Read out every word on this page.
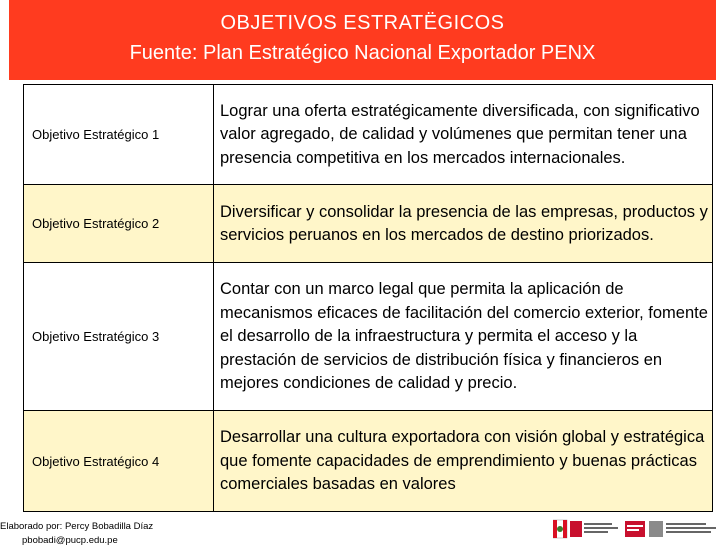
OBJETIVOS ESTRATËGICOS
Fuente: Plan Estratégico Nacional Exportador PENX
Objetivo Estratégico 1	Lograr una oferta estratégicamente diversificada, con significativo valor agregado, de calidad y volúmenes que permitan tener una presencia competitiva en los mercados internacionales.
Objetivo Estratégico 2	Diversificar y consolidar la presencia de las empresas, productos y servicios peruanos en los mercados de destino priorizados.
Objetivo Estratégico 3	Contar con un marco legal que permita la aplicación de mecanismos eficaces de facilitación del comercio exterior, fomente el desarrollo de la infraestructura y permita el acceso y la prestación de servicios de distribución física y financieros en mejores condiciones de calidad y precio.
Objetivo Estratégico 4	Desarrollar una cultura exportadora con visión global y estratégica que fomente capacidades de emprendimiento y buenas prácticas comerciales basadas en valores
Elaborado por: Percy Bobadilla Díaz
pbobadi@pucp.edu.pe
